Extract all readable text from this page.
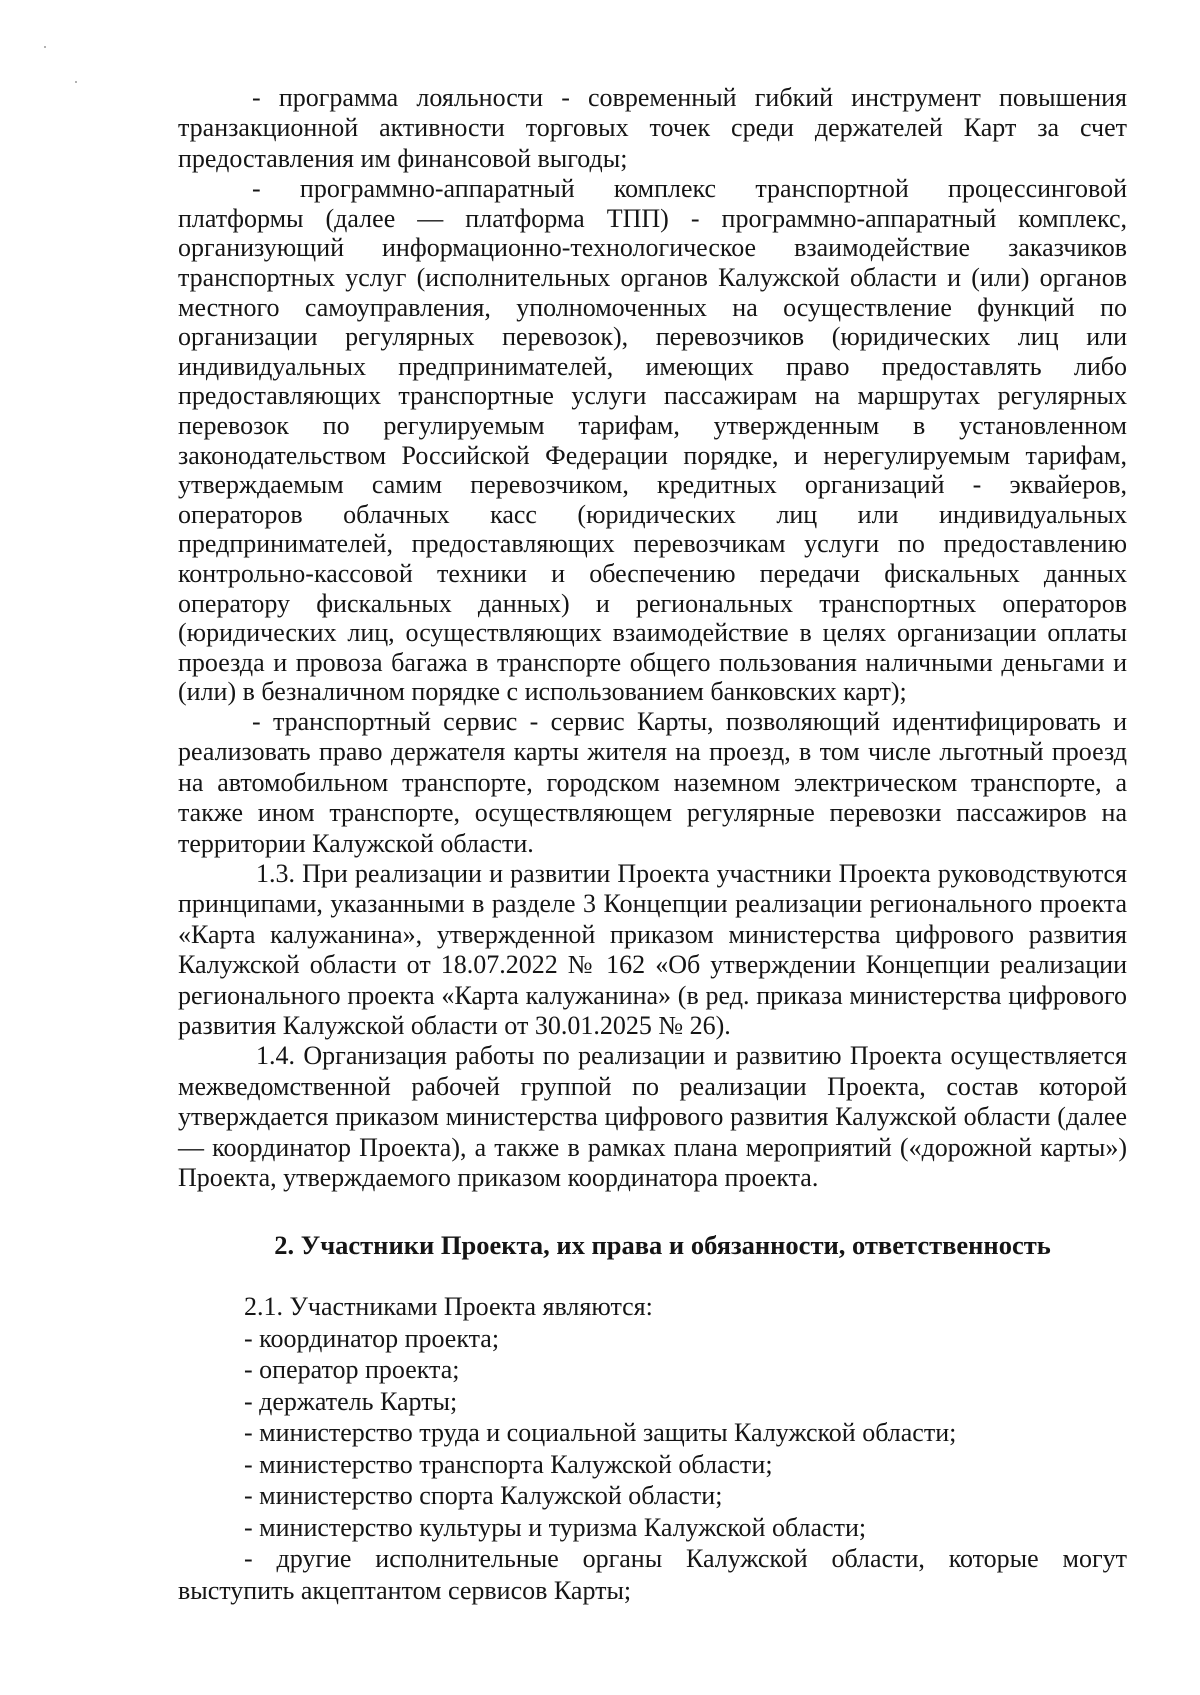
- программа лояльности - современный гибкий инструмент повышения транзакционной активности торговых точек среди держателей Карт за счет предоставления им финансовой выгоды;

- программно-аппаратный комплекс транспортной процессинговой платформы (далее — платформа ТПП) - программно-аппаратный комплекс, организующий информационно-технологическое взаимодействие заказчиков транспортных услуг (исполнительных органов Калужской области и (или) органов местного самоуправления, уполномоченных на осуществление функций по организации регулярных перевозок), перевозчиков (юридических лиц или индивидуальных предпринимателей, имеющих право предоставлять либо предоставляющих транспортные услуги пассажирам на маршрутах регулярных перевозок по регулируемым тарифам, утвержденным в установленном законодательством Российской Федерации порядке, и нерегулируемым тарифам, утверждаемым самим перевозчиком, кредитных организаций - эквайеров, операторов облачных касс (юридических лиц или индивидуальных предпринимателей, предоставляющих перевозчикам услуги по предоставлению контрольно-кассовой техники и обеспечению передачи фискальных данных оператору фискальных данных) и региональных транспортных операторов (юридических лиц, осуществляющих взаимодействие в целях организации оплаты проезда и провоза багажа в транспорте общего пользования наличными деньгами и (или) в безналичном порядке с использованием банковских карт);

- транспортный сервис - сервис Карты, позволяющий идентифицировать и реализовать право держателя карты жителя на проезд, в том числе льготный проезд на автомобильном транспорте, городском наземном электрическом транспорте, а также ином транспорте, осуществляющем регулярные перевозки пассажиров на территории Калужской области.

1.3. При реализации и развитии Проекта участники Проекта руководствуются принципами, указанными в разделе 3 Концепции реализации регионального проекта «Карта калужанина», утвержденной приказом министерства цифрового развития Калужской области от 18.07.2022 № 162 «Об утверждении Концепции реализации регионального проекта «Карта калужанина» (в ред. приказа министерства цифрового развития Калужской области от 30.01.2025 № 26).

1.4. Организация работы по реализации и развитию Проекта осуществляется межведомственной рабочей группой по реализации Проекта, состав которой утверждается приказом министерства цифрового развития Калужской области (далее — координатор Проекта), а также в рамках плана мероприятий («дорожной карты») Проекта, утверждаемого приказом координатора проекта.

2. Участники Проекта, их права и обязанности, ответственность

2.1. Участниками Проекта являются:

- координатор проекта;
- оператор проекта;
- держатель Карты;
- министерство труда и социальной защиты Калужской области;
- министерство транспорта Калужской области;
- министерство спорта Калужской области;
- министерство культуры и туризма Калужской области;
- другие исполнительные органы Калужской области, которые могут выступить акцептантом сервисов Карты;
